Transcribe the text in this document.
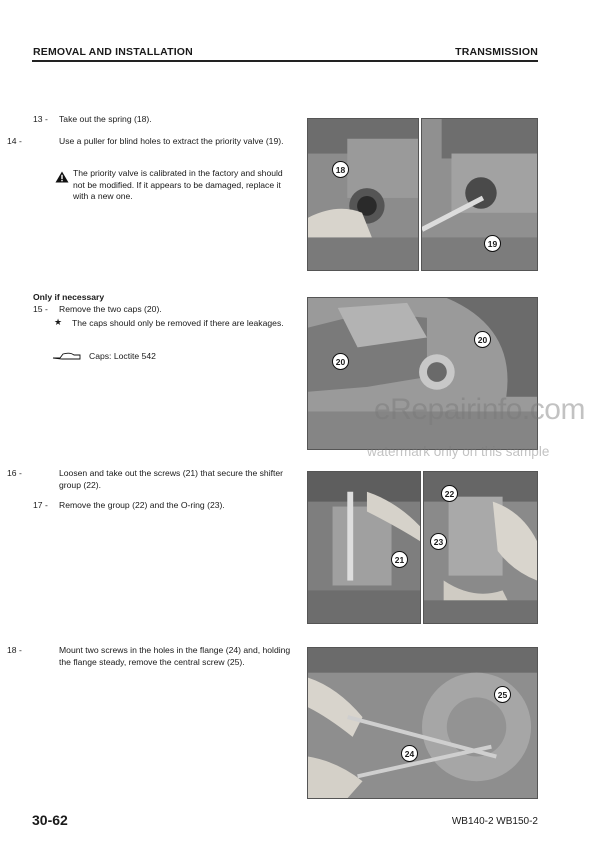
REMOVAL AND INSTALLATION	TRANSMISSION
13 - Take out the spring (18).
14 -	Use a puller for blind holes to extract the priority valve (19).
The priority valve is calibrated in the factory and should not be modified. If it appears to be damaged, replace it with a new one.
18
19
Only if necessary
15 - Remove the two caps (20).
★ The caps should only be removed if there are leakages.
Caps: Loctite 542
20
20
eRepairinfo.com
watermark only on this sample
16 -	Loosen and take out the screws (21) that secure the shifter group (22).
17 - Remove the group (22) and the O-ring (23).
21
22
23
18 -	Mount two screws in the holes in the flange (24) and, holding the flange steady, remove the central screw (25).
25
24
30-62	WB140-2 WB150-2
